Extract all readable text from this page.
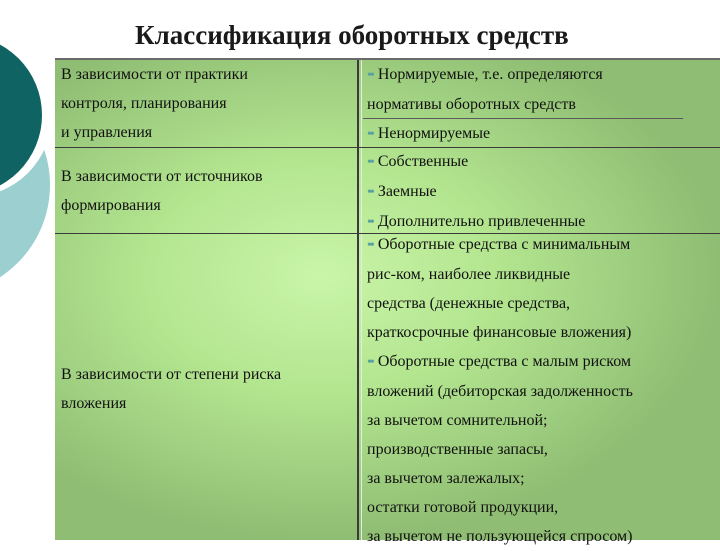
Классификация оборотных средств
В зависимости от практики
контроля, планирования
и управления
•• Нормируемые, т.е. определяются
нормативы оборотных средств
•• Ненормируемые
В зависимости от источников
формирования
•• Собственные
•• Заемные
•• Дополнительно привлеченные
В зависимости от степени риска
вложения
•• Оборотные средства с минимальным
рис-ком, наиболее ликвидные
средства (денежные средства,
краткосрочные финансовые вложения)
•• Оборотные средства с малым риском
вложений (дебиторская задолженность
за вычетом сомнительной;
производственные запасы,
за вычетом залежалых;
остатки готовой продукции,
за вычетом не пользующейся спросом)
